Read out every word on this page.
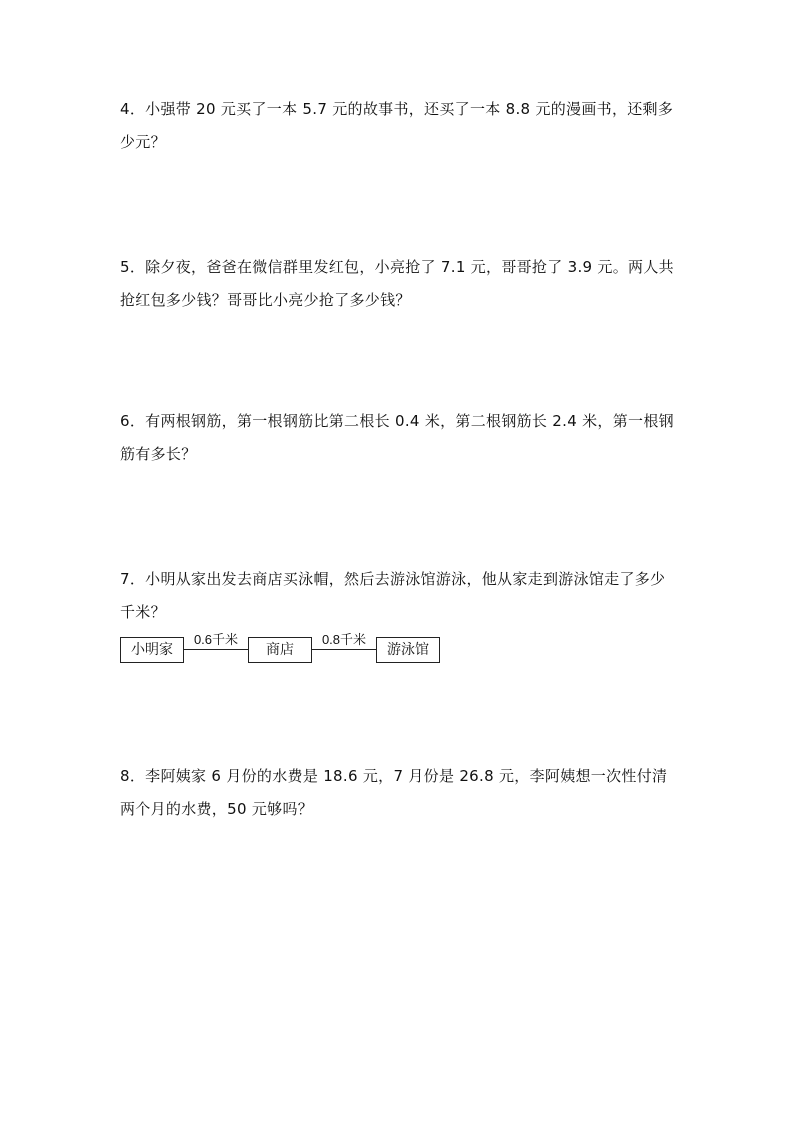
4．小强带 20 元买了一本 5.7 元的故事书，还买了一本 8.8 元的漫画书，还剩多少元？

5．除夕夜，爸爸在微信群里发红包，小亮抢了 7.1 元，哥哥抢了 3.9 元。两人共抢红包多少钱？哥哥比小亮少抢了多少钱？

6．有两根钢筋，第一根钢筋比第二根长 0.4 米，第二根钢筋长 2.4 米，第一根钢筋有多长？

7．小明从家出发去商店买泳帽，然后去游泳馆游泳，他从家走到游泳馆走了多少千米？

小明家
0.6千米
商店
0.8千米
游泳馆

8．李阿姨家 6 月份的水费是 18.6 元，7 月份是 26.8 元，李阿姨想一次性付清两个月的水费，50 元够吗？
